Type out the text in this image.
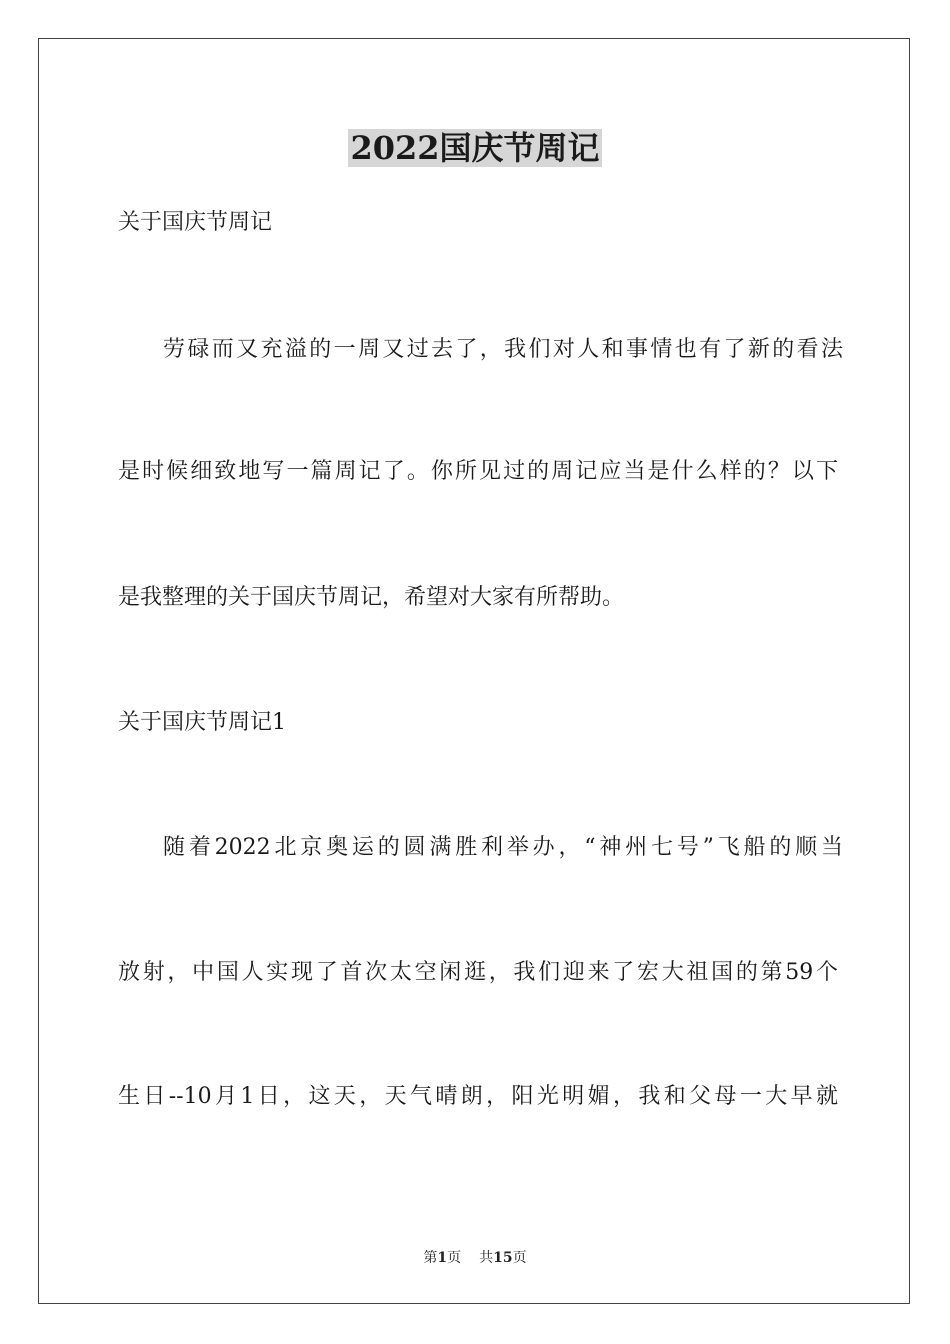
2022国庆节周记
关于国庆节周记
劳碌而又充溢的一周又过去了，我们对人和事情也有了新的看法
是时候细致地写一篇周记了。你所见过的周记应当是什么样的？以下
是我整理的关于国庆节周记，希望对大家有所帮助。
关于国庆节周记1
随着2022北京奥运的圆满胜利举办，“神州七号”飞船的顺当
放射，中国人实现了首次太空闲逛，我们迎来了宏大祖国的第59个
生日--10月1日，这天，天气晴朗，阳光明媚，我和父母一大早就
第1页 共15页
